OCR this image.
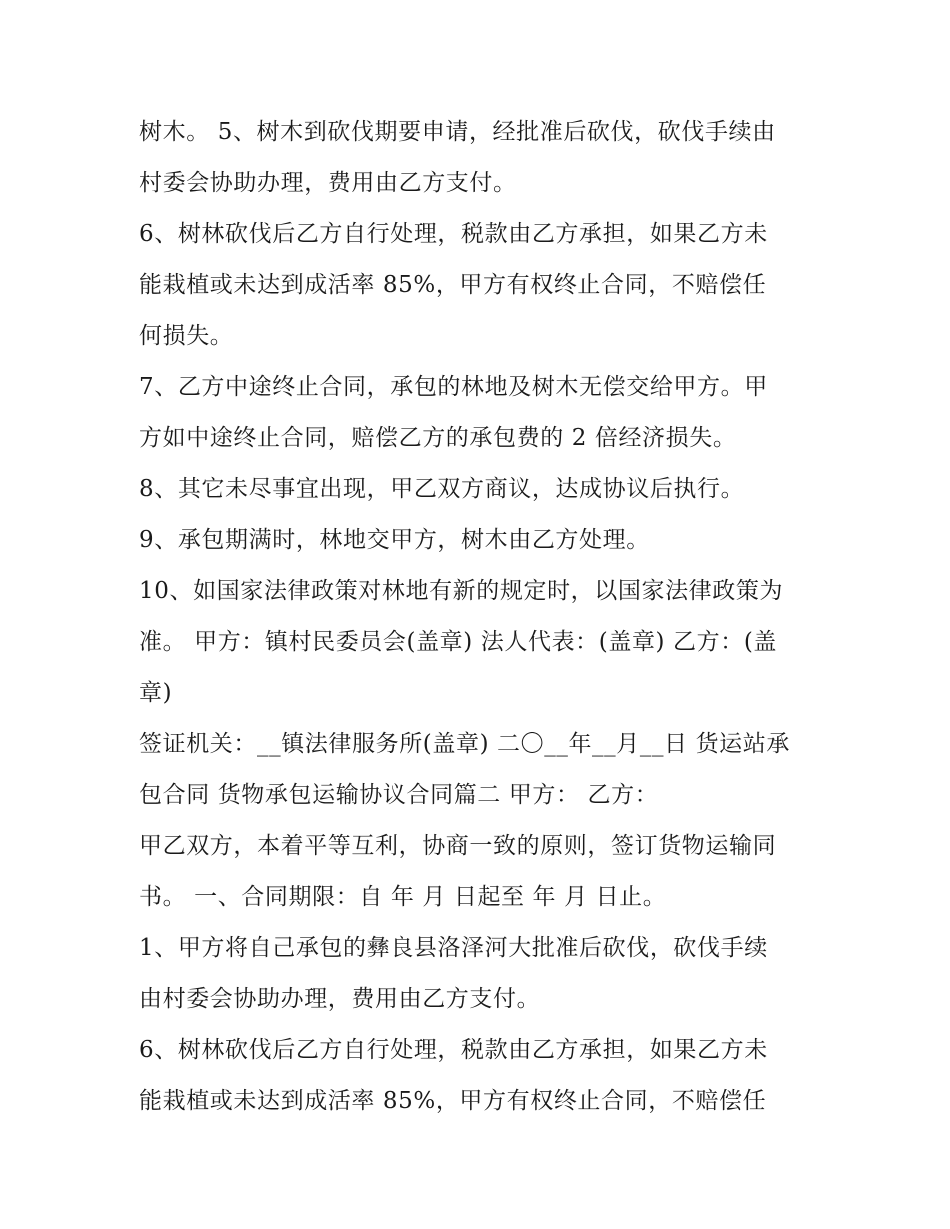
树木。 5、树木到砍伐期要申请，经批准后砍伐，砍伐手续由
村委会协助办理，费用由乙方支付。
6、树林砍伐后乙方自行处理，税款由乙方承担，如果乙方未
能栽植或未达到成活率 85%，甲方有权终止合同，不赔偿任
何损失。
7、乙方中途终止合同，承包的林地及树木无偿交给甲方。甲
方如中途终止合同，赔偿乙方的承包费的 2 倍经济损失。
8、其它未尽事宜出现，甲乙双方商议，达成协议后执行。
9、承包期满时，林地交甲方，树木由乙方处理。
10、如国家法律政策对林地有新的规定时，以国家法律政策为
准。 甲方：镇村民委员会(盖章) 法人代表：(盖章) 乙方：(盖
章)
签证机关：__镇法律服务所(盖章) 二〇__年__月__日 货运站承
包合同 货物承包运输协议合同篇二 甲方： 乙方：
甲乙双方，本着平等互利，协商一致的原则，签订货物运输同
书。 一、合同期限：自 年 月 日起至 年 月 日止。
1、甲方将自己承包的彝良县洛泽河大批准后砍伐，砍伐手续
由村委会协助办理，费用由乙方支付。
6、树林砍伐后乙方自行处理，税款由乙方承担，如果乙方未
能栽植或未达到成活率 85%，甲方有权终止合同，不赔偿任
